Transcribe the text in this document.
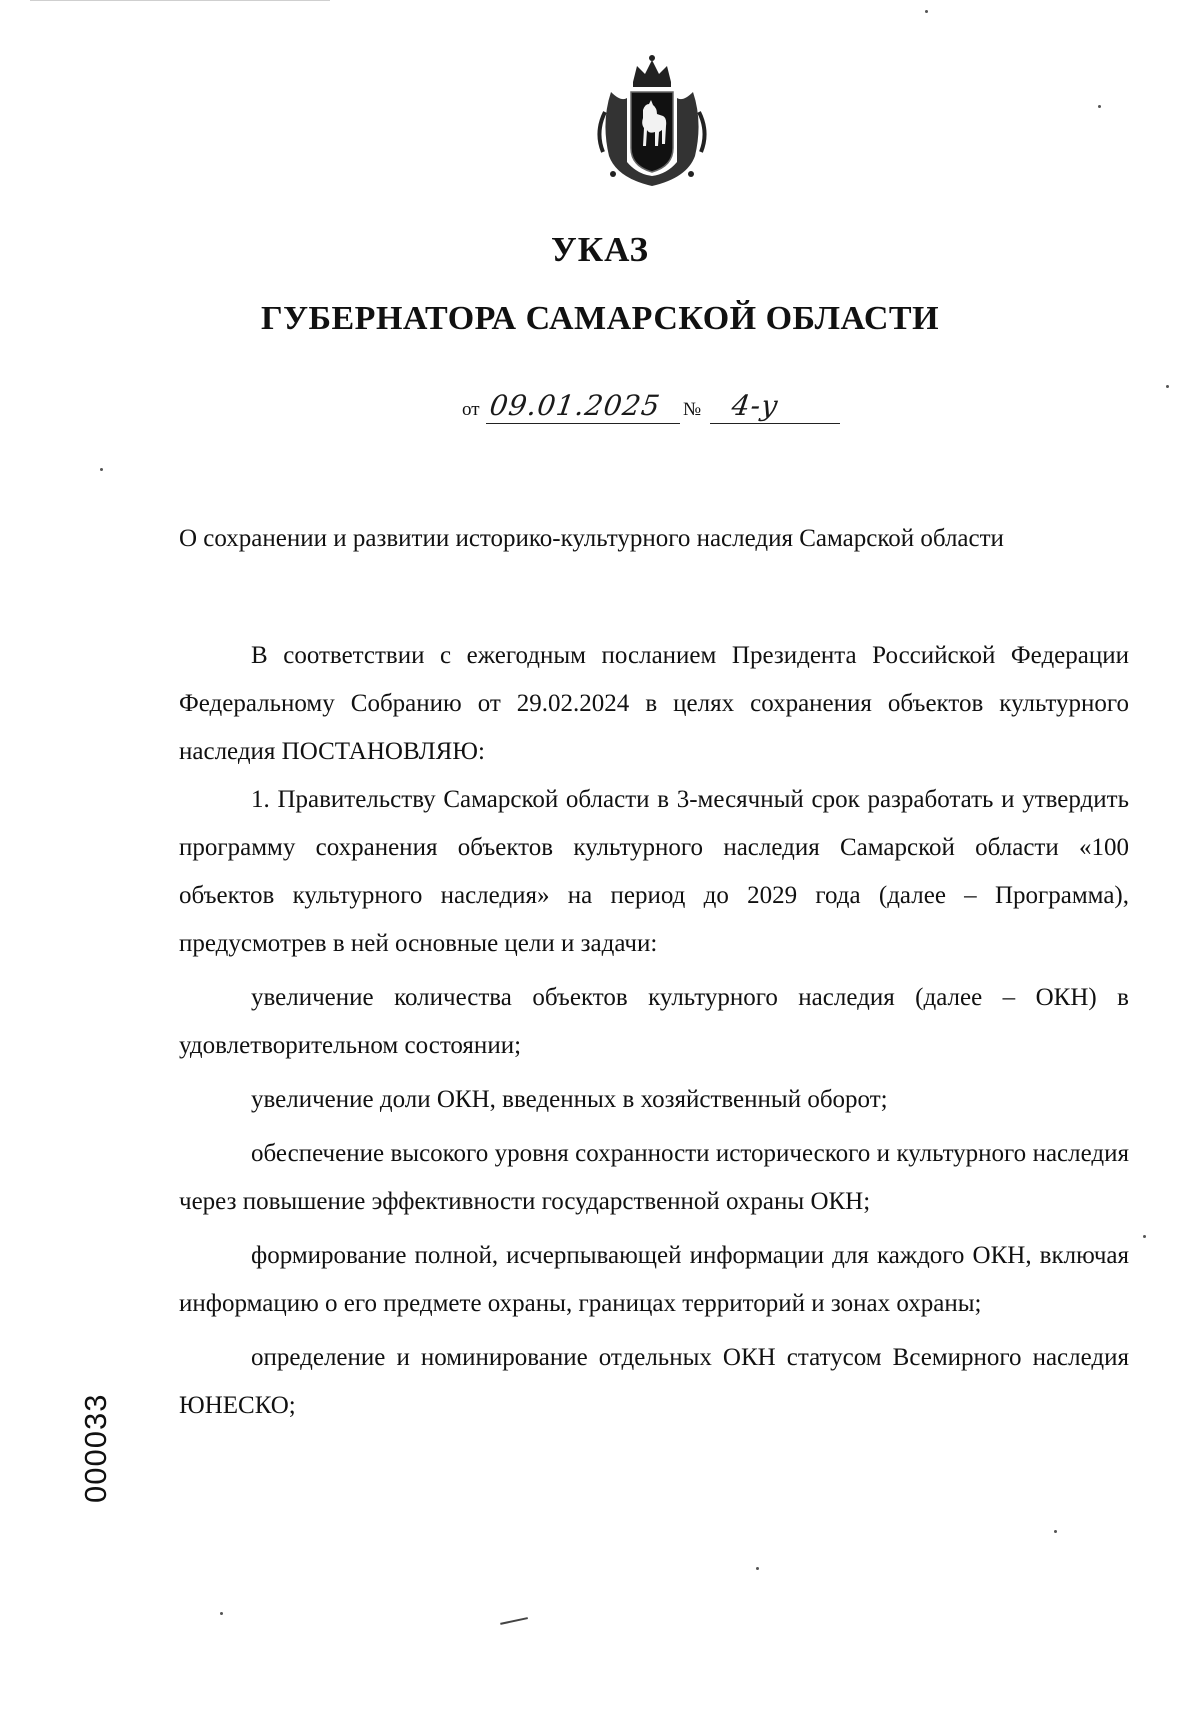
УКАЗ
ГУБЕРНАТОРА САМАРСКОЙ ОБЛАСТИ
от 09.01.2025 № 4-у
О сохранении и развитии историко-культурного наследия Самарской области

В соответствии с ежегодным посланием Президента Российской Федерации Федеральному Собранию от 29.02.2024 в целях сохранения объектов культурного наследия ПОСТАНОВЛЯЮ:

1. Правительству Самарской области в 3-месячный срок разработать и утвердить программу сохранения объектов культурного наследия Самарской области «100 объектов культурного наследия» на период до 2029 года (далее – Программа), предусмотрев в ней основные цели и задачи:

увеличение количества объектов культурного наследия (далее – ОКН) в удовлетворительном состоянии;

увеличение доли ОКН, введенных в хозяйственный оборот;

обеспечение высокого уровня сохранности исторического и культурного наследия через повышение эффективности государственной охраны ОКН;

формирование полной, исчерпывающей информации для каждого ОКН, включая информацию о его предмете охраны, границах территорий и зонах охраны;

определение и номинирование отдельных ОКН статусом Всемирного наследия ЮНЕСКО;

000033
